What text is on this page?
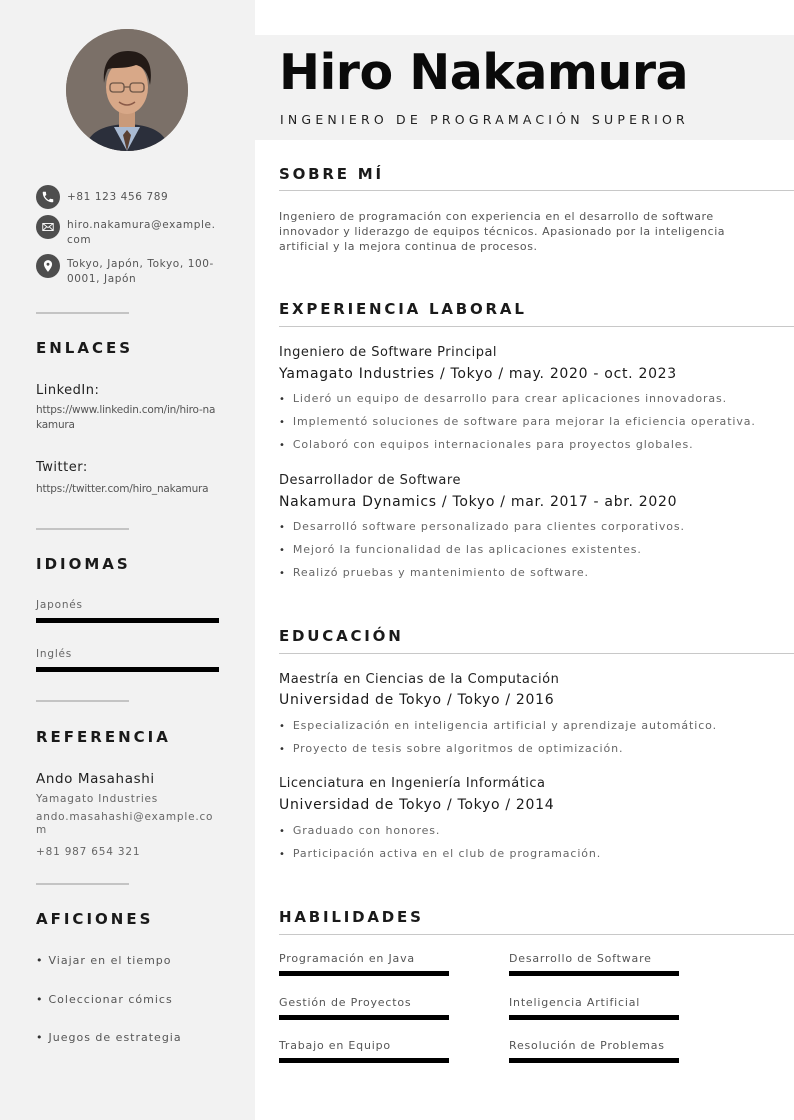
+81 123 456 789
hiro.nakamura@example.com
Tokyo, Japón, Tokyo, 100-0001, Japón
ENLACES
LinkedIn:
https://www.linkedin.com/in/hiro-nakamura
Twitter:
https://twitter.com/hiro_nakamura
IDIOMAS
Japonés
Inglés
REFERENCIA
Ando Masahashi
Yamagato Industries
ando.masahashi@example.com
+81 987 654 321
AFICIONES
• Viajar en el tiempo
• Coleccionar cómics
• Juegos de estrategia
Hiro Nakamura
INGENIERO DE PROGRAMACIÓN SUPERIOR
SOBRE MÍ

Ingeniero de programación con experiencia en el desarrollo de software innovador y liderazgo de equipos técnicos. Apasionado por la inteligencia artificial y la mejora continua de procesos.

EXPERIENCIA LABORAL
Ingeniero de Software Principal
Yamagato Industries / Tokyo / may. 2020 - oct. 2023
• Lideró un equipo de desarrollo para crear aplicaciones innovadoras.
• Implementó soluciones de software para mejorar la eficiencia operativa.
• Colaboró con equipos internacionales para proyectos globales.
Desarrollador de Software
Nakamura Dynamics / Tokyo / mar. 2017 - abr. 2020
• Desarrolló software personalizado para clientes corporativos.
• Mejoró la funcionalidad de las aplicaciones existentes.
• Realizó pruebas y mantenimiento de software.
EDUCACIÓN
Maestría en Ciencias de la Computación
Universidad de Tokyo / Tokyo / 2016
• Especialización en inteligencia artificial y aprendizaje automático.
• Proyecto de tesis sobre algoritmos de optimización.
Licenciatura en Ingeniería Informática
Universidad de Tokyo / Tokyo / 2014
• Graduado con honores.
• Participación activa en el club de programación.
HABILIDADES
Programación en Java	Desarrollo de Software
Gestión de Proyectos	Inteligencia Artificial
Trabajo en Equipo	Resolución de Problemas
